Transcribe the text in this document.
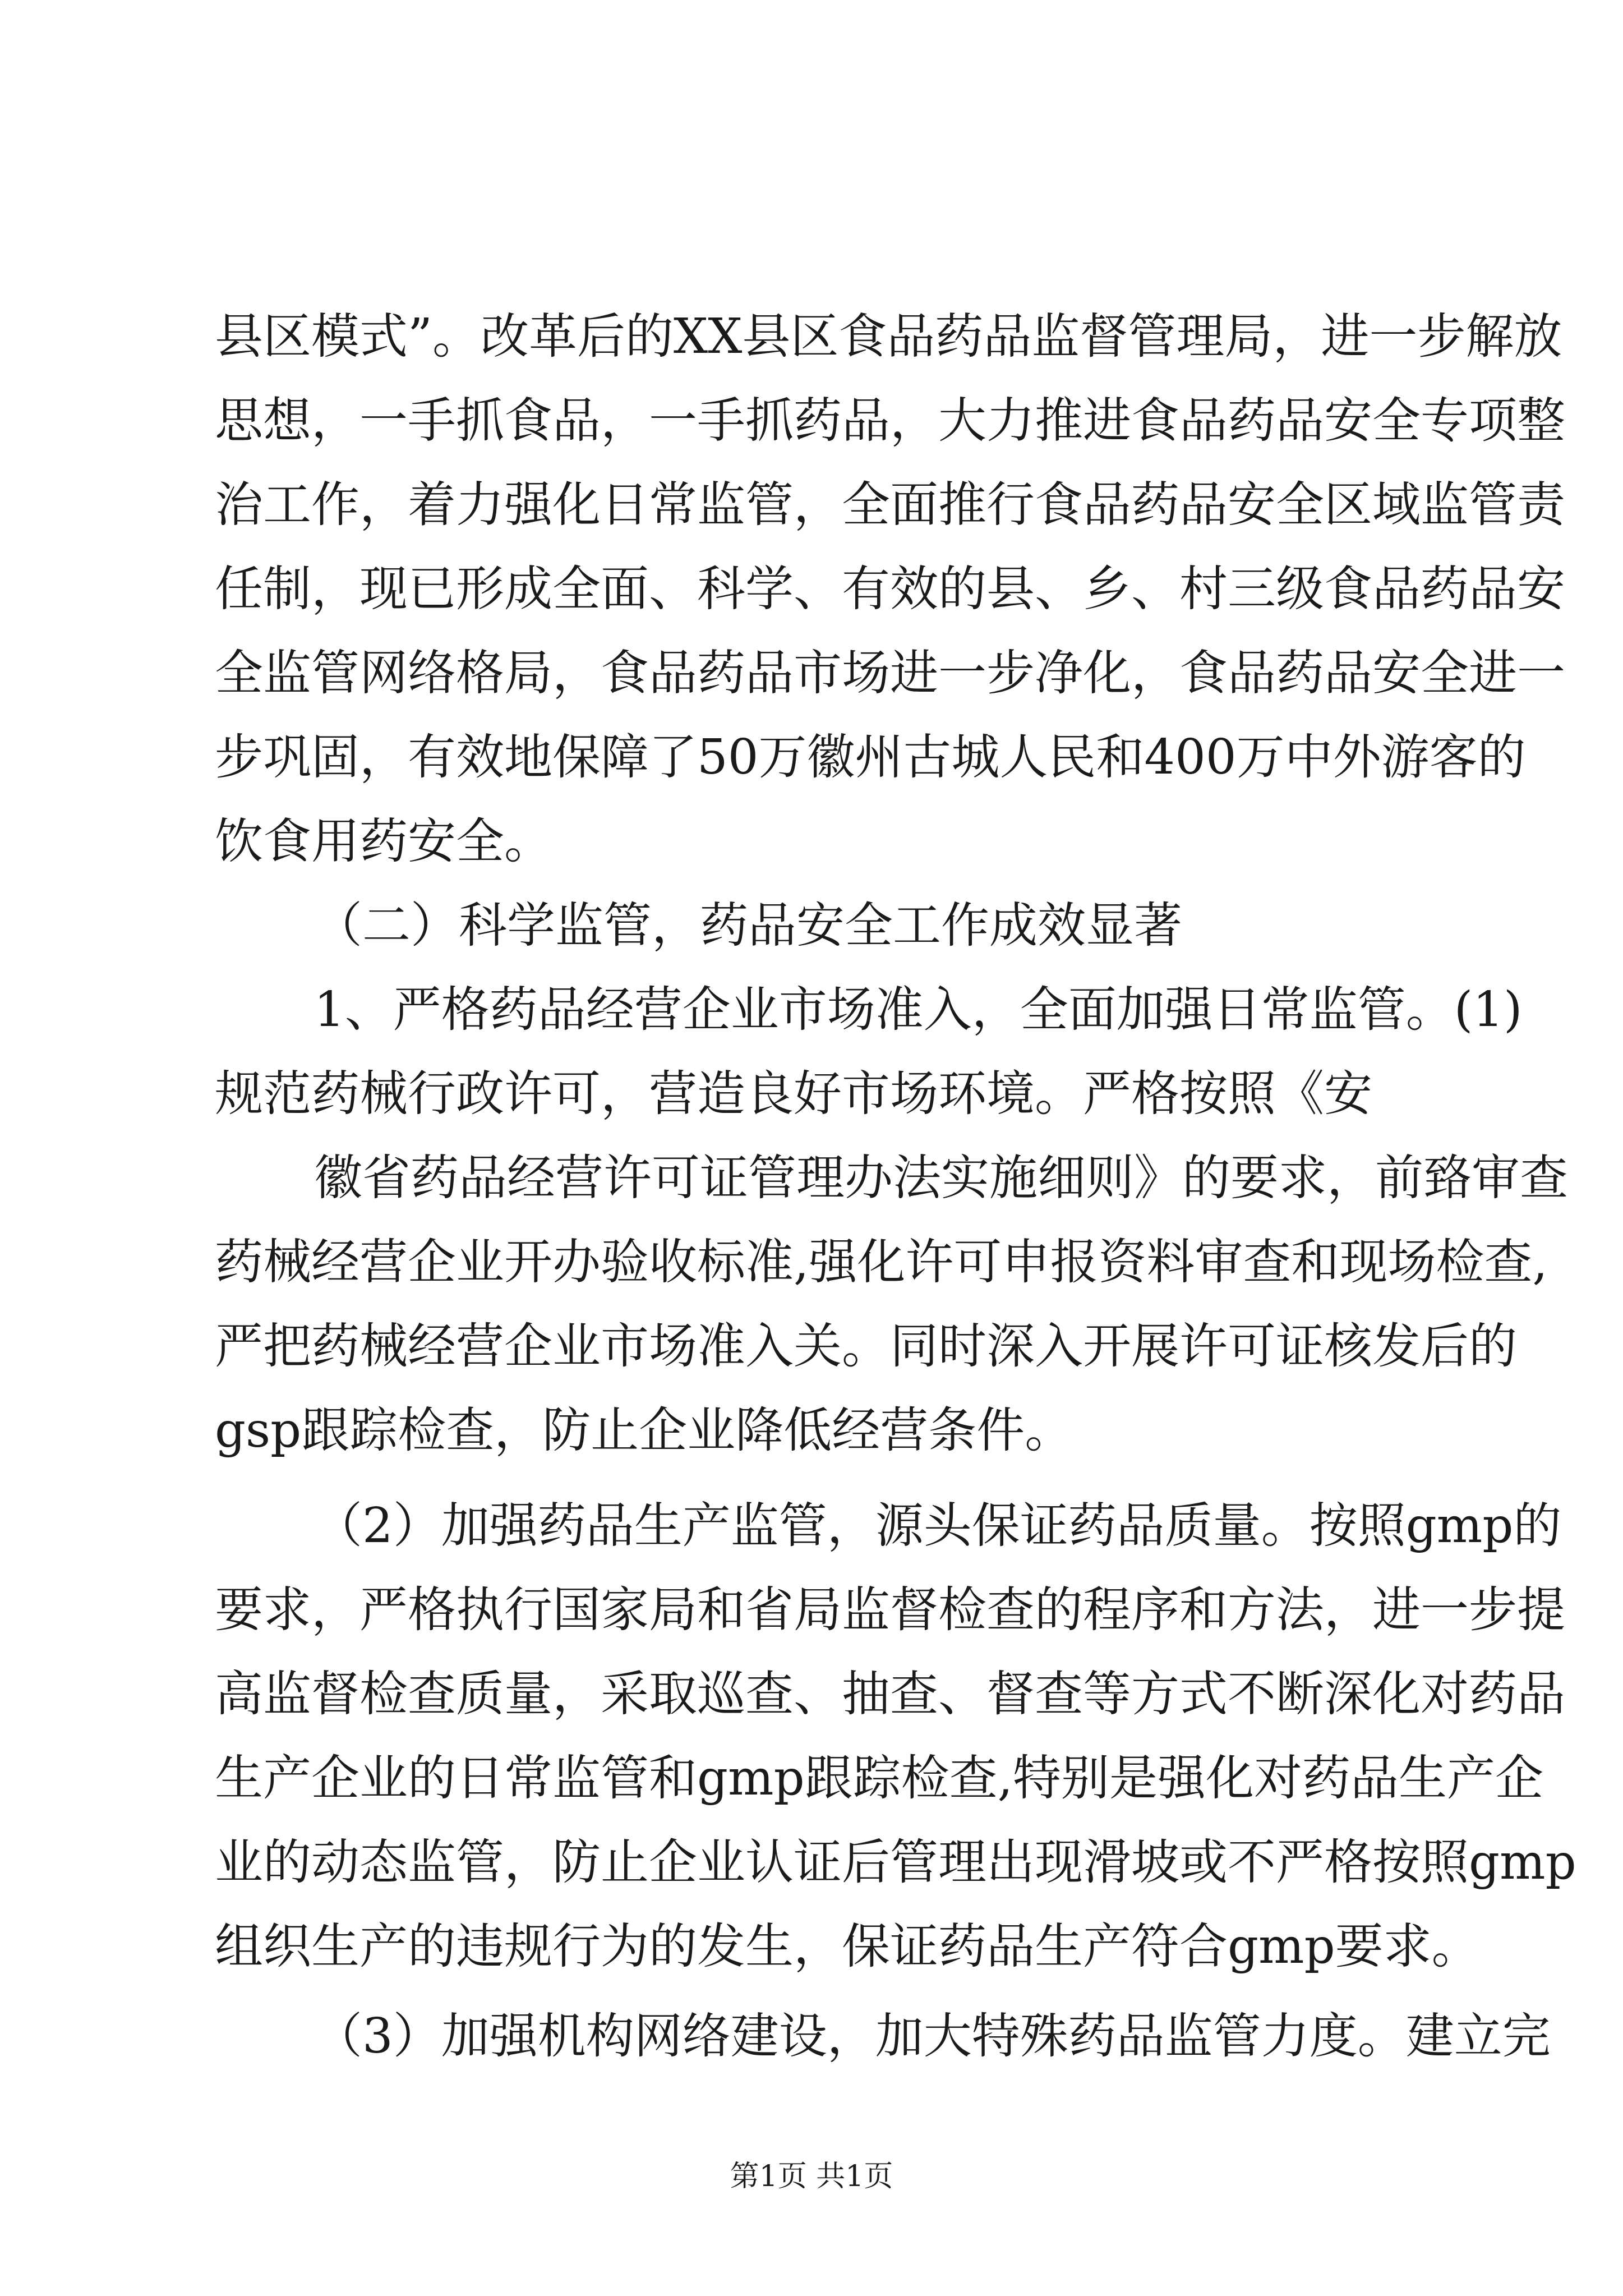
县区模式”。改革后的XX县区食品药品监督管理局，进一步解放
思想，一手抓食品，一手抓药品，大力推进食品药品安全专项整
治工作，着力强化日常监管，全面推行食品药品安全区域监管责
任制，现已形成全面、科学、有效的县、乡、村三级食品药品安
全监管网络格局，食品药品市场进一步净化，食品药品安全进一
步巩固，有效地保障了50万徽州古城人民和400万中外游客的
饮食用药安全。
（二）科学监管，药品安全工作成效显著
1、严格药品经营企业市场准入，全面加强日常监管。(1)
规范药械行政许可，营造良好市场环境。严格按照《安
徽省药品经营许可证管理办法实施细则》的要求，前臵审查
药械经营企业开办验收标准,强化许可申报资料审查和现场检查,
严把药械经营企业市场准入关。同时深入开展许可证核发后的
gsp跟踪检查，防止企业降低经营条件。
（2）加强药品生产监管，源头保证药品质量。按照gmp的
要求，严格执行国家局和省局监督检查的程序和方法，进一步提
高监督检查质量，采取巡查、抽查、督查等方式不断深化对药品
生产企业的日常监管和gmp跟踪检查,特别是强化对药品生产企
业的动态监管，防止企业认证后管理出现滑坡或不严格按照gmp
组织生产的违规行为的发生，保证药品生产符合gmp要求。
（3）加强机构网络建设，加大特殊药品监管力度。建立完
第1页 共1页
